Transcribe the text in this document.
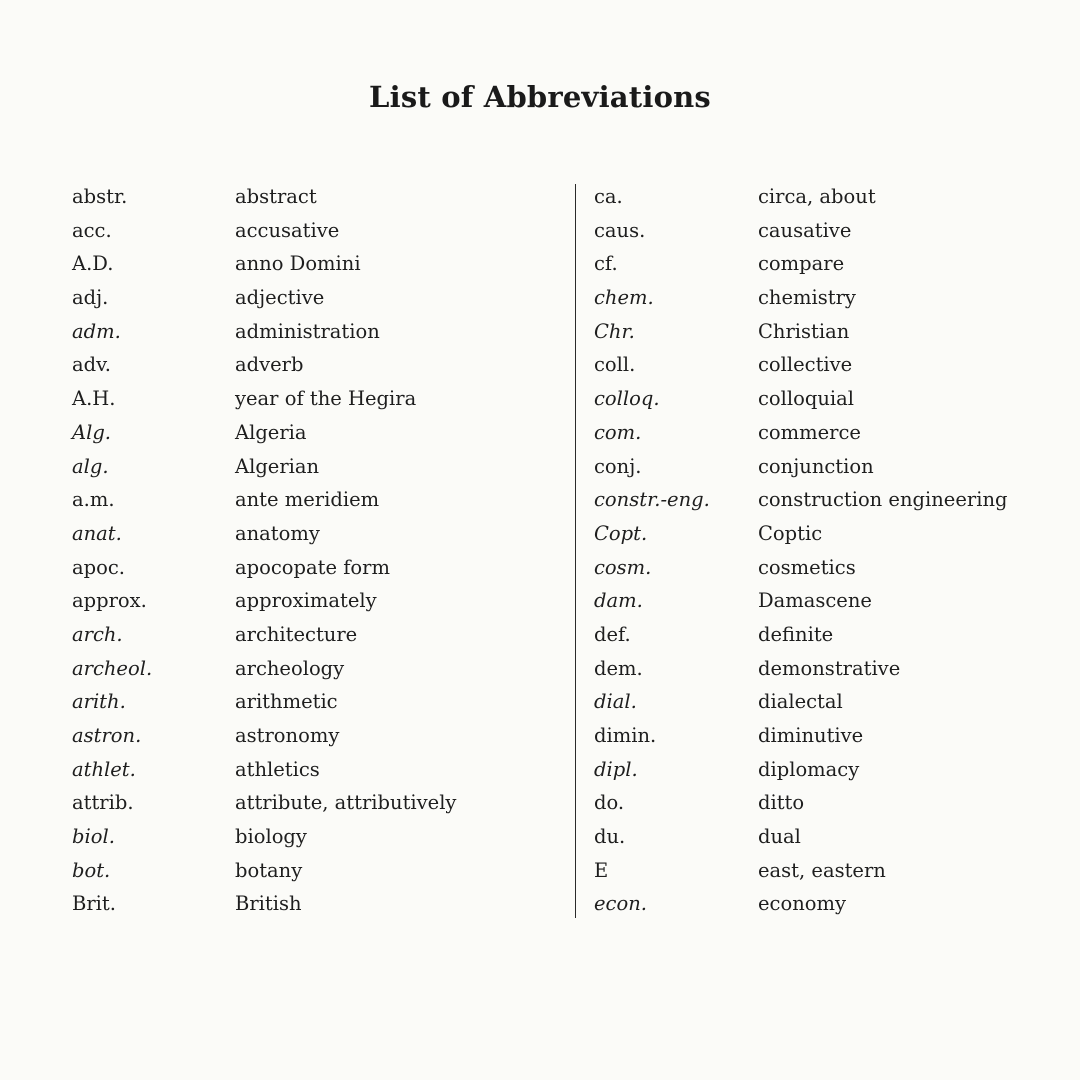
List of Abbreviations
abstr.	abstract
acc.	accusative
A.D.	anno Domini
adj.	adjective
adm.	administration
adv.	adverb
A.H.	year of the Hegira
Alg.	Algeria
alg.	Algerian
a.m.	ante meridiem
anat.	anatomy
apoc.	apocopate form
approx.	approximately
arch.	architecture
archeol.	archeology
arith.	arithmetic
astron.	astronomy
athlet.	athletics
attrib.	attribute, attributively
biol.	biology
bot.	botany
Brit.	British
ca.	circa, about
caus.	causative
cf.	compare
chem.	chemistry
Chr.	Christian
coll.	collective
colloq.	colloquial
com.	commerce
conj.	conjunction
constr.-eng. construction engineering
Copt.	Coptic
cosm.	cosmetics
dam.	Damascene
def.	definite
dem.	demonstrative
dial.	dialectal
dimin.	diminutive
dipl.	diplomacy
do.	ditto
du.	dual
E	east, eastern
econ.	economy
